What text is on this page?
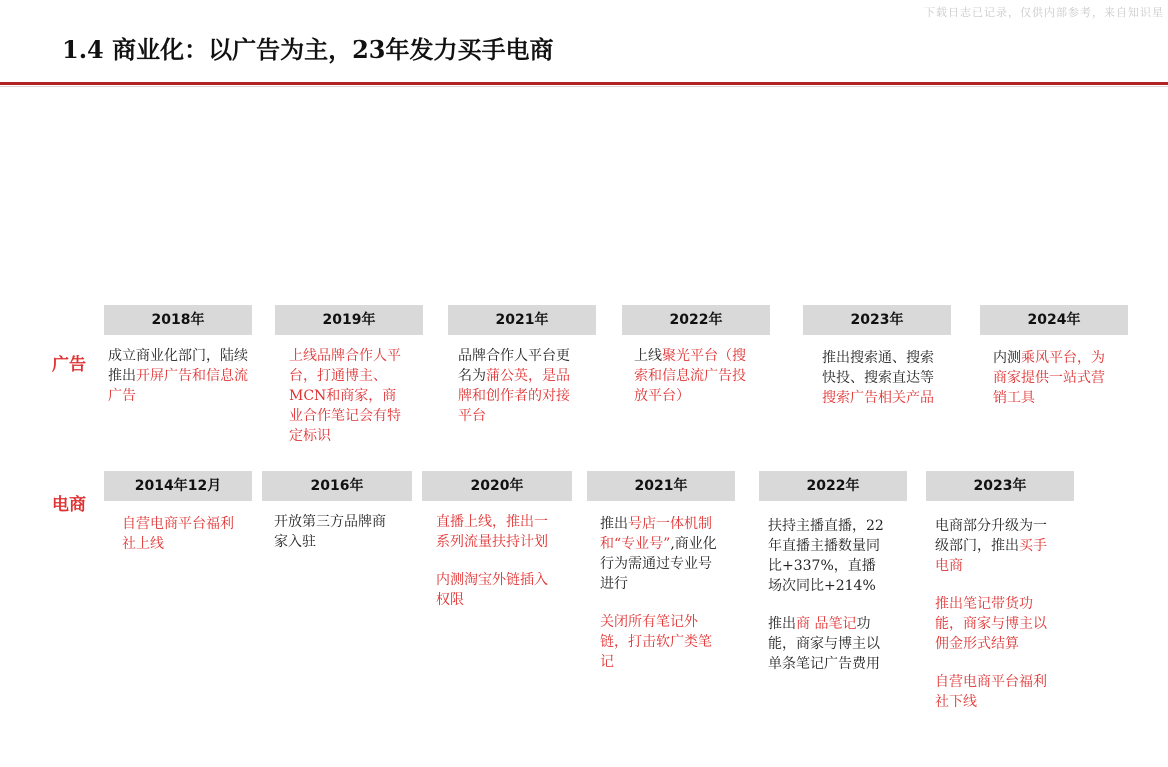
下载日志已记录，仅供内部参考，来自知识星
1.4 商业化：以广告为主，23年发力买手电商
广告
2018年
成立商业化部门，陆续推出开屏广告和信息流广告
2019年
上线品牌合作人平台，打通博主、MCN和商家，商业合作笔记会有特定标识
2021年
品牌合作人平台更名为蒲公英，是品牌和创作者的对接平台
2022年
上线聚光平台（搜索和信息流广告投放平台）
2023年
推出搜索通、搜索快投、搜索直达等搜索广告相关产品
2024年
内测乘风平台，为商家提供一站式营销工具
电商
2014年12月

自营电商平台福利社上线

2016年

开放第三方品牌商家入驻

2020年

直播上线，推出一系列流量扶持计划

内测淘宝外链插入 权限

2021年

推出号店一体机制和“专业号”,商业化行为需通过专业号进行

关闭所有笔记外链，打击软广类笔记

2022年

扶持主播直播，22年直播主播数量同比+337%，直播场次同比+214%

推出商 品笔记功能，商家与博主以单条笔记广告费用

2023年

电商部分升级为一级部门，推出买手电商

推出笔记带货功能，商家与博主以佣金形式结算

自营电商平台福利社下线
